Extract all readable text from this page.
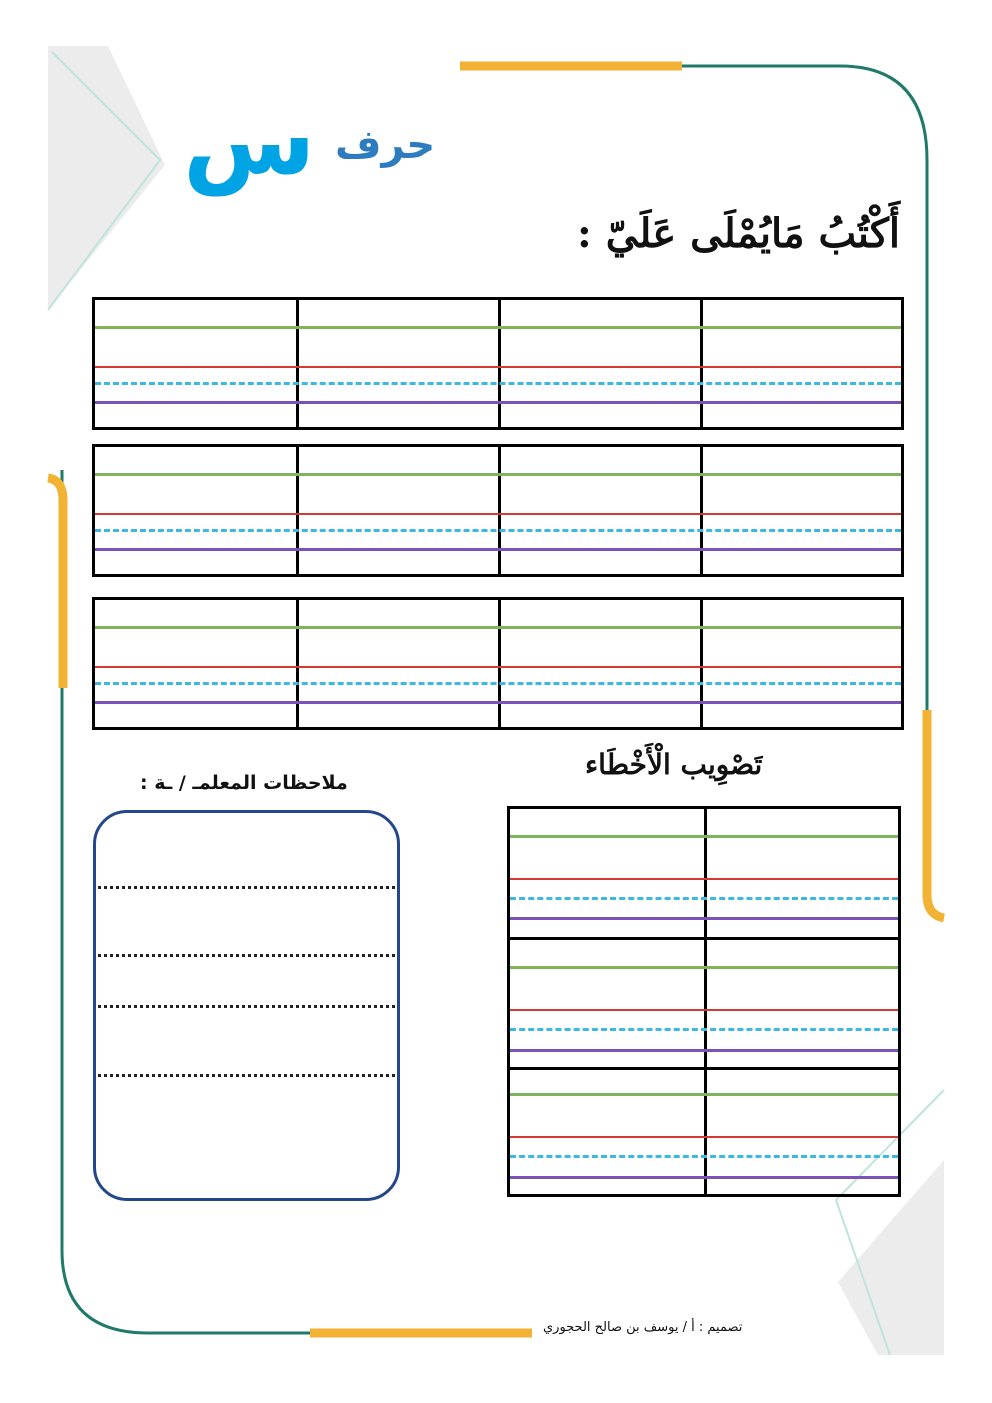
حرف
س
أَكْتُبُ مَايُمْلَى عَلَيّ :
تَصْوِيب الْأَخْطَاء
ملاحظات المعلمـ / ـة :
تصميم : أ / يوسف بن صالح الحجوري
